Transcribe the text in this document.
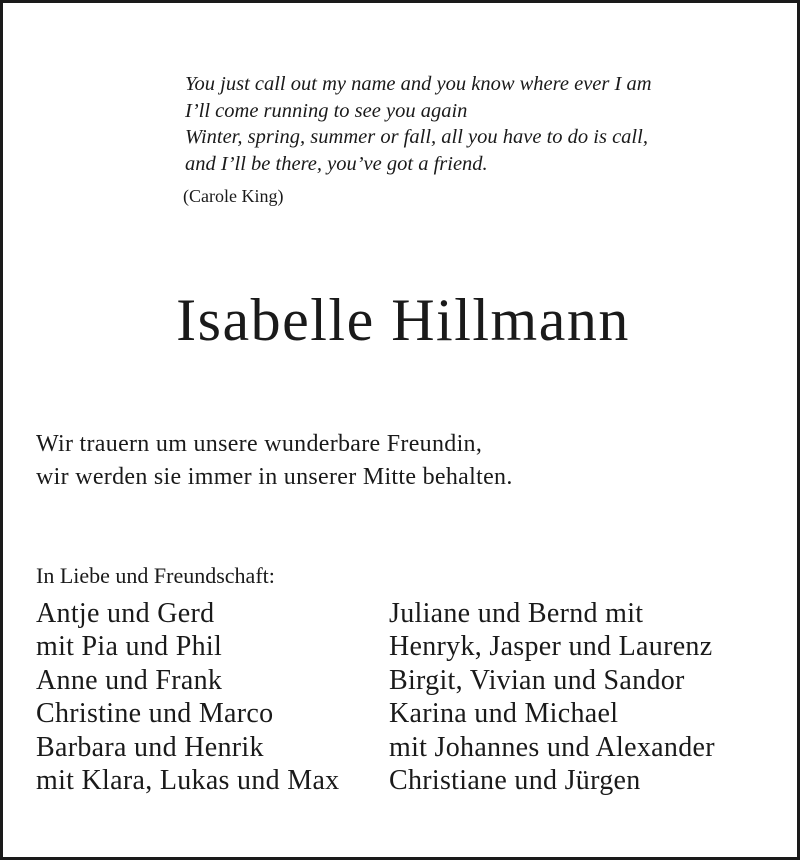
You just call out my name and you know where ever I am
I’ll come running to see you again
Winter, spring, summer or fall, all you have to do is call,
and I’ll be there, you’ve got a friend.
(Carole King)
Isabelle Hillmann
Wir trauern um unsere wunderbare Freundin,
wir werden sie immer in unserer Mitte behalten.
In Liebe und Freundschaft:
Antje und Gerd
mit Pia und Phil
Anne und Frank
Christine und Marco
Barbara und Henrik
mit Klara, Lukas und Max
Juliane und Bernd mit
Henryk, Jasper und Laurenz
Birgit, Vivian und Sandor
Karina und Michael
mit Johannes und Alexander
Christiane und Jürgen
